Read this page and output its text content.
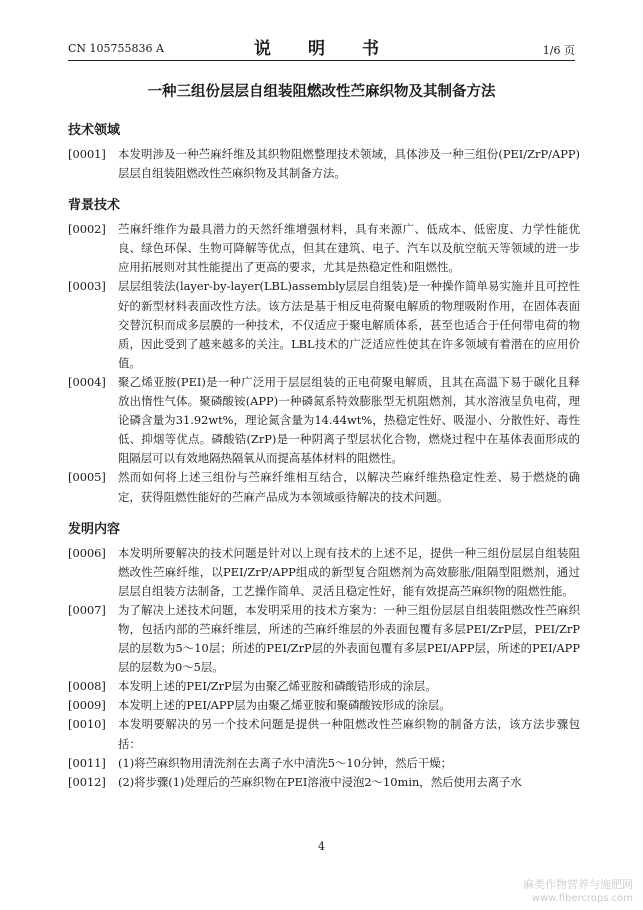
CN 105755836 A	说　明　书	1/6 页
一种三组份层层自组装阻燃改性苎麻织物及其制备方法
技术领域
[0001]	本发明涉及一种苎麻纤维及其织物阻燃整理技术领域，具体涉及一种三组份(PEI/ZrP/APP)层层自组装阻燃改性苎麻织物及其制备方法。
背景技术
[0002]	苎麻纤维作为最具潜力的天然纤维增强材料，具有来源广、低成本、低密度、力学性能优良、绿色环保、生物可降解等优点，但其在建筑、电子、汽车以及航空航天等领域的进一步应用拓展则对其性能提出了更高的要求，尤其是热稳定性和阻燃性。
[0003]	层层组装法(layer-by-layer(LBL)assembly层层自组装)是一种操作简单易实施并且可控性好的新型材料表面改性方法。该方法是基于相反电荷聚电解质的物理吸附作用，在固体表面交替沉积而成多层膜的一种技术，不仅适应于聚电解质体系，甚至也适合于任何带电荷的物质，因此受到了越来越多的关注。LBL技术的广泛适应性使其在许多领域有着潜在的应用价值。
[0004]	聚乙烯亚胺(PEI)是一种广泛用于层层组装的正电荷聚电解质，且其在高温下易于碳化且释放出惰性气体。聚磷酸铵(APP)一种磷氮系特效膨胀型无机阻燃剂，其水溶液呈负电荷，理论磷含量为31.92wt%，理论氮含量为14.44wt%，热稳定性好、吸湿小、分散性好、毒性低、抑烟等优点。磷酸锆(ZrP)是一种阴离子型层状化合物，燃烧过程中在基体表面形成的阻隔层可以有效地隔热隔氧从而提高基体材料的阻燃性。
[0005]	然而如何将上述三组份与苎麻纤维相互结合，以解决苎麻纤维热稳定性差、易于燃烧的确定，获得阻燃性能好的苎麻产品成为本领域亟待解决的技术问题。
发明内容
[0006]	本发明所要解决的技术问题是针对以上现有技术的上述不足，提供一种三组份层层自组装阻燃改性苎麻纤维，以PEI/ZrP/APP组成的新型复合阻燃剂为高效膨胀/阻隔型阻燃剂，通过层层自组装方法制备，工艺操作简单、灵活且稳定性好，能有效提高苎麻织物的阻燃性能。
[0007]	为了解决上述技术问题，本发明采用的技术方案为：一种三组份层层自组装阻燃改性苎麻织物，包括内部的苎麻纤维层，所述的苎麻纤维层的外表面包覆有多层PEI/ZrP层，PEI/ZrP层的层数为5～10层；所述的PEI/ZrP层的外表面包覆有多层PEI/APP层，所述的PEI/APP层的层数为0～5层。
[0008]	本发明上述的PEI/ZrP层为由聚乙烯亚胺和磷酸锆形成的涂层。
[0009]	本发明上述的PEI/APP层为由聚乙烯亚胺和聚磷酸铵形成的涂层。
[0010]	本发明要解决的另一个技术问题是提供一种阻燃改性苎麻织物的制备方法，该方法步骤包括：
[0011]	(1)将苎麻织物用清洗剂在去离子水中清洗5～10分钟，然后干燥；
[0012]	(2)将步骤(1)处理后的苎麻织物在PEI溶液中浸泡2～10min，然后使用去离子水
4
麻类作物营养与施肥网
www.fibercrops.com
